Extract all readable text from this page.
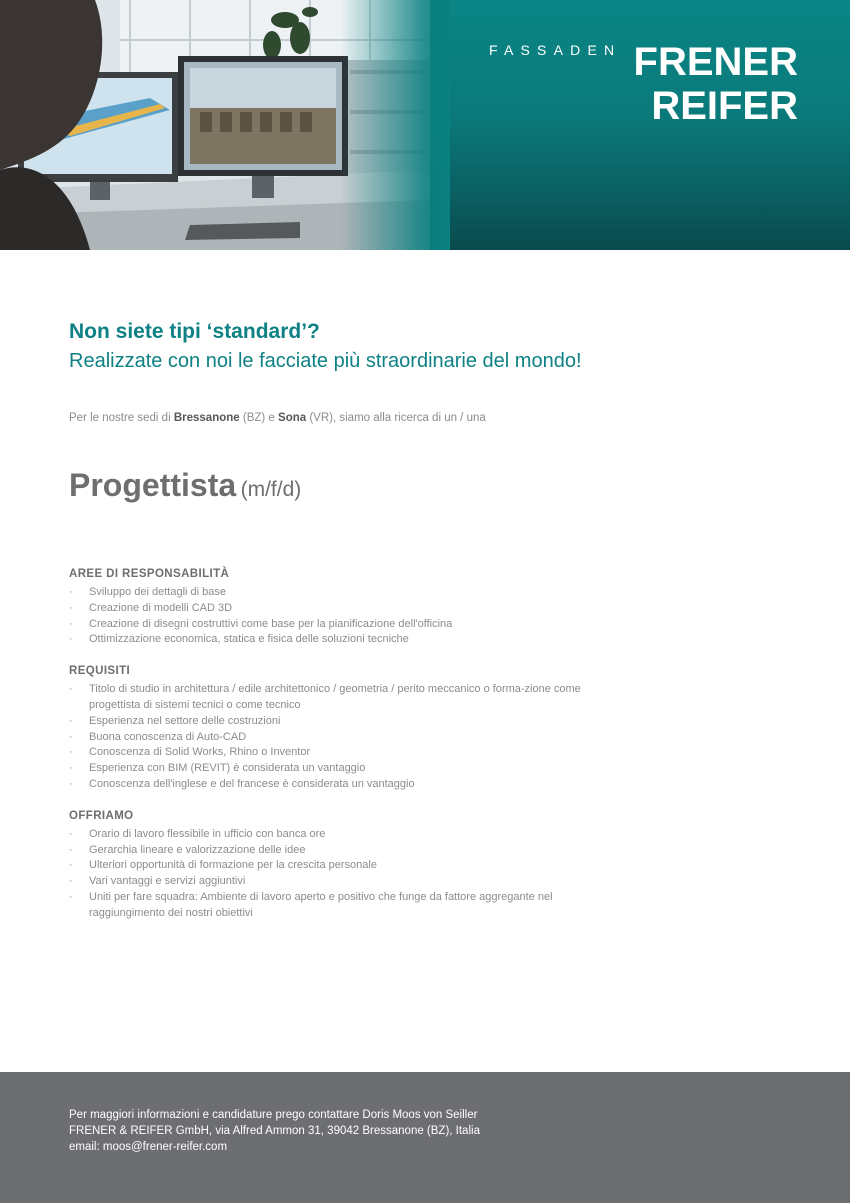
FASSADEN FRENER
REIFER
Non siete tipi ‘standard’?
Realizzate con noi le facciate più straordinarie del mondo!
Per le nostre sedi di Bressanone (BZ) e Sona (VR), siamo alla ricerca di un / una
Progettista (m/f/d)
AREE DI RESPONSABILITÀ
· Sviluppo dei dettagli di base
· Creazione di modelli CAD 3D
· Creazione di disegni costruttivi come base per la pianificazione dell'officina
· Ottimizzazione economica, statica e fisica delle soluzioni tecniche
REQUISITI
· Titolo di studio in architettura / edile architettonico / geometria / perito meccanico o forma-zione come progettista di sistemi tecnici o come tecnico
· Esperienza nel settore delle costruzioni
· Buona conoscenza di Auto-CAD
· Conoscenza di Solid Works, Rhino o Inventor
· Esperienza con BIM (REVIT) è considerata un vantaggio
· Conoscenza dell'inglese e del francese è considerata un vantaggio
OFFRIAMO
· Orario di lavoro flessibile in ufficio con banca ore
· Gerarchia lineare e valorizzazione delle idee
· Ulteriori opportunità di formazione per la crescita personale
· Vari vantaggi e servizi aggiuntivi
· Uniti per fare squadra: Ambiente di lavoro aperto e positivo che funge da fattore aggregante nel raggiungimento dei nostri obiettivi
Per maggiori informazioni e candidature prego contattare Doris Moos von Seiller
FRENER & REIFER GmbH, via Alfred Ammon 31, 39042 Bressanone (BZ), Italia
email: moos@frener-reifer.com
